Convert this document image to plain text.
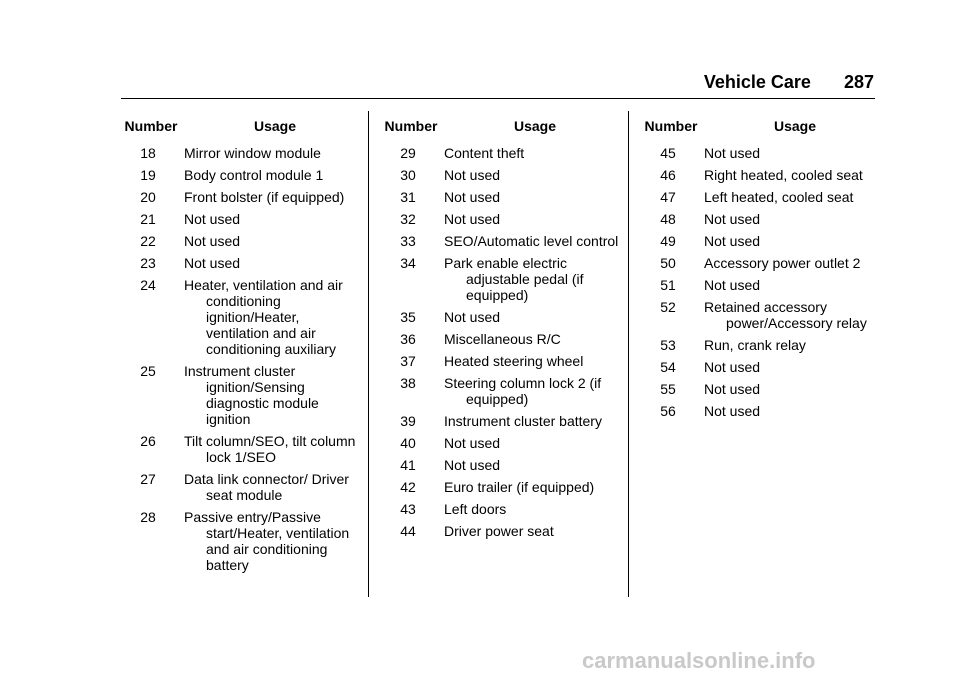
Vehicle Care 287
Number	Usage
18	Mirror window module
19	Body control module 1
20	Front bolster (if equipped)
21	Not used
22	Not used
23	Not used
24	Heater, ventilation and air conditioning ignition/Heater, ventilation and air conditioning auxiliary
25	Instrument cluster ignition/Sensing diagnostic module ignition
26	Tilt column/SEO, tilt column lock 1/SEO
27	Data link connector/ Driver seat module
28	Passive entry/Passive start/Heater, ventilation and air conditioning battery
Number	Usage
29	Content theft
30	Not used
31	Not used
32	Not used
33	SEO/Automatic level control
34	Park enable electric adjustable pedal (if equipped)
35	Not used
36	Miscellaneous R/C
37	Heated steering wheel
38	Steering column lock 2 (if equipped)
39	Instrument cluster battery
40	Not used
41	Not used
42	Euro trailer (if equipped)
43	Left doors
44	Driver power seat
Number	Usage
45	Not used
46	Right heated, cooled seat
47	Left heated, cooled seat
48	Not used
49	Not used
50	Accessory power outlet 2
51	Not used
52	Retained accessory power/Accessory relay
53	Run, crank relay
54	Not used
55	Not used
56	Not used
carmanualsonline.info
